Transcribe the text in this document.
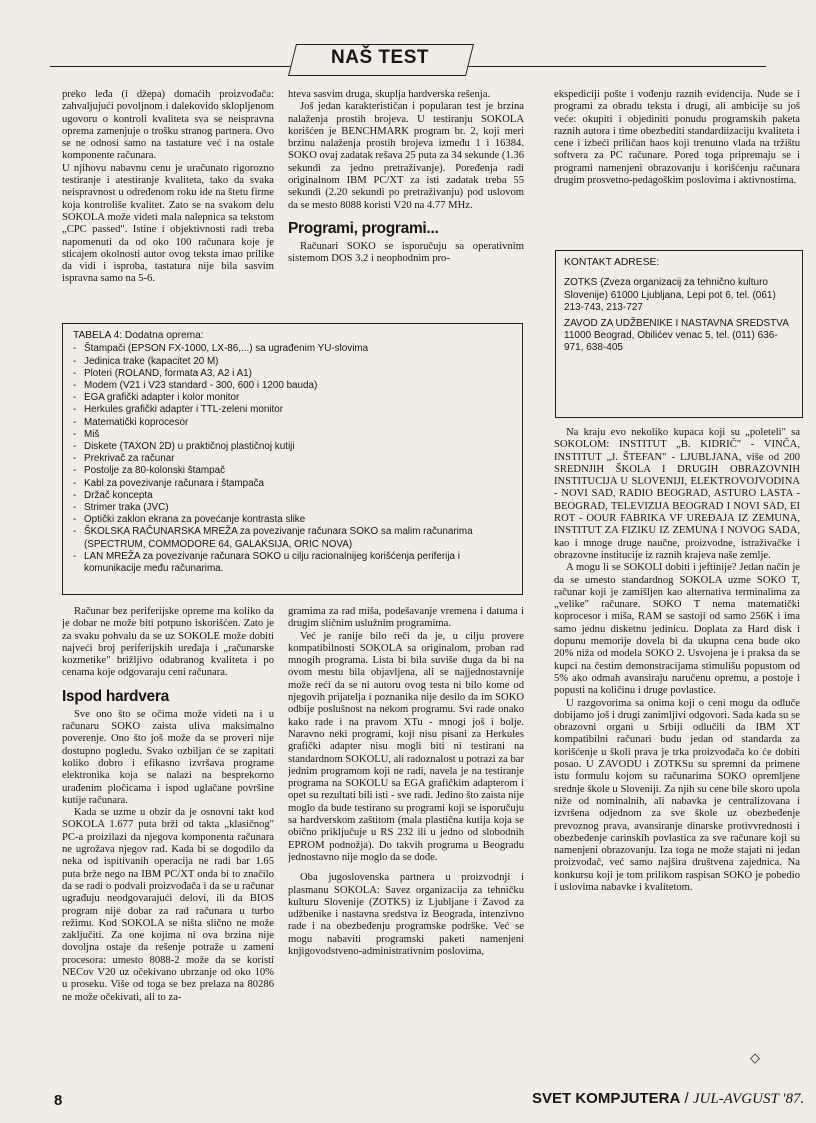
NAŠ TEST

preko leđa (i džepa) domaćih proizvođača: zahvaljujući povoljnom i dalekovido sklopljenom ugovoru o kontroli kvaliteta sva se neispravna oprema zamenjuje o trošku stranog partnera. Ovo se ne odnosi samo na tastature već i na ostale komponente računara.

U njihovu nabavnu cenu je uračunato rigorozno testiranje i atestiranje kvaliteta, tako da svaka neispravnost u određenom roku ide na štetu firme koja kontroliše kvalitet. Zato se na svakom delu SOKOLA može videti mala nalepnica sa tekstom „CPC passed". Istine i objektivnosti radi treba napomenuti da od oko 100 računara koje je sticajem okolnosti autor ovog teksta imao prilike da vidi i isproba, tastatura nije bila sasvim ispravna samo na 5-6.

hteva sasvim druga, skuplja hardverska rešenja.

Još jedan karakterističan i popularan test je brzina nalaženja prostih brojeva. U testiranju SOKOLA korišćen je BENCHMARK program br. 2, koji meri brzinu nalaženja prostih brojeva između 1 i 16384. SOKO ovaj zadatak rešava 25 puta za 34 sekunde (1.36 sekundi za jedno pretraživanje). Poređenja radi originalnom IBM PC/XT za isti zadatak treba 55 sekundi (2.20 sekundi po pretraživanju) pod uslovom da se mesto 8088 koristi V20 na 4.77 MHz.

Programi, programi...

Računari SOKO se isporučuju sa operativnim sistemom DOS 3.2 i neophodnim pro-

ekspediciji pošte i vođenju raznih evidencija. Nude se i programi za obradu teksta i drugi, ali ambicije su još veće: okupiti i objediniti ponudu programskih paketa raznih autora i time obezbediti standardiizaciju kvaliteta i cene i izbeći priličan haos koji trenutno vlada na tržištu softvera za PC računare. Pored toga pripremaju se i programi namenjeni obrazovanju i korišćenju računara drugim prosvetno-pedagoškim poslovima i aktivnostima.

KONTAKT ADRESE:

ZOTKS (Zveza organizacij za tehnično kulturo Slovenije) 61000 Ljubljana, Lepi pot 6, tel. (061) 213-743, 213-727

ZAVOD ZA UDŽBENIKE I NASTAVNA SREDSTVA

11000 Beograd, Obilićev venac 5, tel. (011) 636-971, 638-405

TABELA 4: Dodatna oprema:
- Štampači (EPSON FX-1000, LX-86,...) sa ugrađenim YU-slovima
- Jedinica trake (kapacitet 20 M)
- Ploteri (ROLAND, formata A3, A2 i A1)
- Modem (V21 i V23 standard - 300, 600 i 1200 bauda)
- EGA grafički adapter i kolor monitor
- Herkules grafički adapter i TTL-zeleni monitor
- Matematički koprocesor
- Miš
- Diskete (TAXON 2D) u praktičnoj plastičnoj kutiji
- Prekrivač za računar
- Postolje za 80-kolonski štampač
- Kabl za povezivanje računara i štampača
- Držač koncepta
- Strimer traka (JVC)
- Optički zaklon ekrana za povećanje kontrasta slike
- ŠKOLSKA RAČUNARSKA MREŽA za povezivanje računara SOKO sa malim računarima (SPECTRUM, COMMODORE 64, GALAKSIJA, ORIC NOVA)
- LAN MREŽA za povezivanje računara SOKO u cilju racionalnijeg korišćenja periferija i komunikacije među računarima.

Računar bez periferijske opreme ma koliko da je dobar ne može biti potpuno iskorišćen. Zato je za svaku pohvalu da se uz SOKOLE može dobiti najveći broj periferijskih uređaja i „računarske kozmetike" brižljivo odabranog kvaliteta i po cenama koje odgovaraju ceni računara.

Ispod hardvera

Sve ono što se očima može videti na i u računaru SOKO zaista uliva maksimalno poverenje. Ono što još može da se proveri nije dostupno pogledu. Svako ozbiljan će se zapitati koliko dobro i efikasno izvršava programe elektronika koja se nalazi na besprekorno urađenim pločicama i ispod uglačane površine kutije računara.

Kada se uzme u obzir da je osnovni takt kod SOKOLA 1.677 puta brži od takta „klasičnog" PC-a proizilazi da njegova komponenta računara ne ugrožava njegov rad. Kada bi se dogodilo da neka od ispitivanih operacija ne radi bar 1.65 puta brže nego na IBM PC/XT onda bi to značilo da se radi o podvali proizvođača i da se u računar ugrađuju neodgovarajući delovi, ili da BIOS program nije dobar za rad računara u turbo režimu. Kod SOKOLA se ništa slično ne može zaključiti. Za one kojima ni ova brzina nije dovoljna ostaje da rešenje potraže u zameni procesora: umesto 8088-2 može da se koristi NECov V20 uz očekivano ubrzanje od oko 10% u proseku. Više od toga se bez prelaza na 80286 ne može očekivati, ali to za-

gramima za rad miša, podešavanje vremena i datuma i drugim sličnim uslužnim programima.

Već je ranije bilo reči da je, u cilju provere kompatibilnosti SOKOLA sa originalom, proban rad mnogih programa. Lista bi bila suviše duga da bi na ovom mestu bila objavljena, ali se najjednostavnije može reći da se ni autoru ovog testa ni bilo kome od njegovih prijatelja i poznanika nije desilo da im SOKO odbije poslušnost na nekom programu. Svi rade onako kako rade i na pravom XTu - mnogi još i bolje. Naravno neki programi, koji nisu pisani za Herkules grafički adapter nisu mogli biti ni testirani na standardnom SOKOLU, ali radoznalost u potrazi za bar jednim programom koji ne radi, navela je na testiranje programa na SOKOLU sa EGA grafičkim adapterom i opet su rezultati bili isti - sve radi. Jedino što zaista nije moglo da bude testirano su programi koji se isporučuju sa hardverskom zaštitom (mala plastična kutija koja se obično priključuje u RS 232 ili u jedno od slobodnih EPROM podnožja). Do takvih programa u Beogradu jednostavno nije moglo da se dođe.

Oba jugoslovenska partnera u proizvodnji i plasmanu SOKOLA: Savez organizacija za tehničku kulturu Slovenije (ZOTKS) iz Ljubljane i Zavod za udžbenike i nastavna sredstva iz Beograda, intenzivno rade i na obezbeđenju programske podrške. Već se mogu nabaviti programski paketi namenjeni knjigovodstveno-administrativnim poslovima,

Na kraju evo nekoliko kupaca koji su „poleteli" sa SOKOLOM: INSTITUT „B. KIDRIČ" - VINČA, INSTITUT „J. ŠTEFAN" - LJUBLJANA, više od 200 SREDNJIH ŠKOLA I DRUGIH OBRAZOVNIH INSTITUCIJA U SLOVENIJI, ELEKTROVOJVODINA - NOVI SAD, RADIO BEOGRAD, ASTURO LASTA - BEOGRAD, TELEVIZIJA BEOGRAD I NOVI SAD, EI ROT - OOUR FABRIKA VF UREĐAJA IZ ZEMUNA, INSTITUT ZA FIZIKU IZ ZEMUNA I NOVOG SADA, kao i mnoge druge naučne, proizvodne, istraživačke i obrazovne institucije iz raznih krajeva naše zemlje.

A mogu li se SOKOLI dobiti i jeftinije? Jedan način je da se umesto standardnog SOKOLA uzme SOKO T, računar koji je zamišljen kao alternativa terminalima za „velike" računare. SOKO T nema matematički koprocesor i miša, RAM se sastoji od samo 256K i ima samo jednu disketnu jedinicu. Doplata za Hard disk i dopunu memorije dovela bi da ukupna cena bude oko 20% niža od modela SOKO 2. Usvojena je i praksa da se kupci na čestim demonstracijama stimulišu popustom od 5% ako odmah avansiraju naručenu opremu, a postoje i popusti na količinu i druge povlastice.

U razgovorima sa onima koji o ceni mogu da odluče dobijamo još i drugi zanimljivi odgovori. Sada kada su se obrazovni organi u Srbiji odlučili da IBM XT kompatibilni računari budu jedan od standarda za korišćenje u školi prava je trka proizvođača ko će dobiti posao. U ZAVODU i ZOTKSu su spremni da primene istu formulu kojom su računarima SOKO opremljene srednje škole u Sloveniji. Za njih su cene bile skoro upola niže od nominalnih, ali nabavka je centralizovana i izvršena odjednom za sve škole uz obezbeđenje prevoznog prava, avansiranje dinarske protivvrednosti i obezbeđenje carinskih povlastica za sve računare koji su namenjeni obrazovanju. Iza toga ne može stajati ni jedan proizvođač, već samo najšira društvena zajednica. Na konkursu koji je tom prilikom raspisan SOKO je pobedio i uslovima nabavke i kvalitetom.

◇
8	SVET KOMPJUTERA / JUL-AVGUST '87.
